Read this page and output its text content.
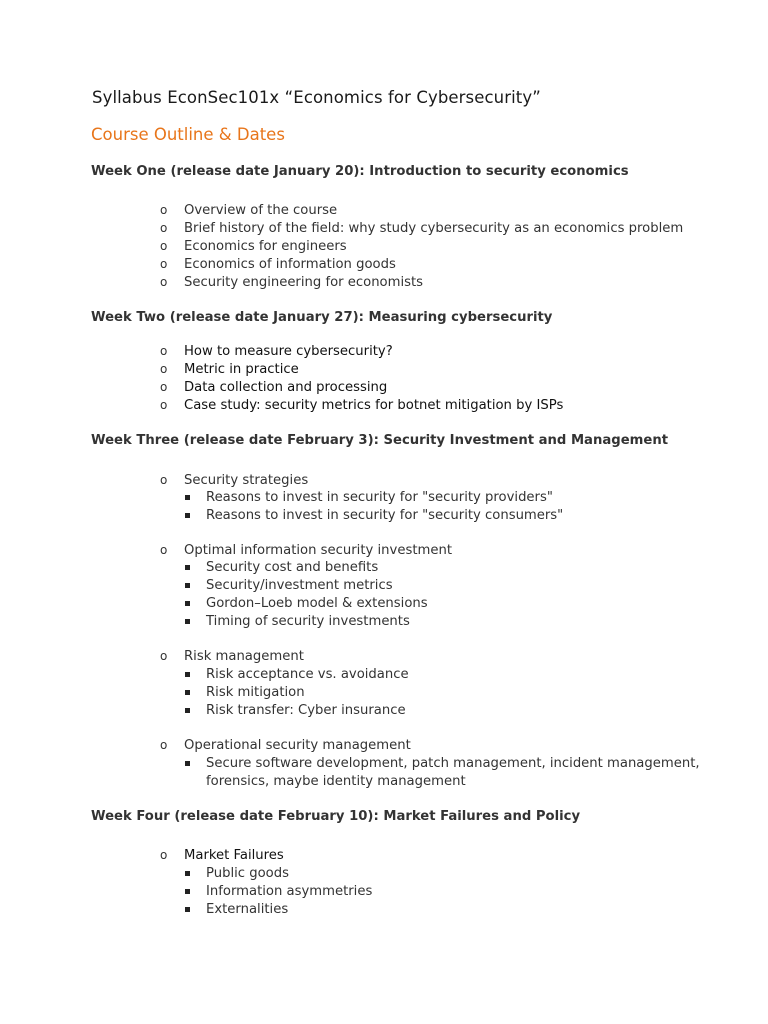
Syllabus EconSec101x “Economics for Cybersecurity”
Course Outline & Dates
Week One (release date January 20): Introduction to security economics
o Overview of the course
o Brief history of the field: why study cybersecurity as an economics problem
o Economics for engineers
o Economics of information goods
o Security engineering for economists
Week Two (release date January 27): Measuring cybersecurity
o How to measure cybersecurity?
o Metric in practice
o Data collection and processing
o Case study: security metrics for botnet mitigation by ISPs
Week Three (release date February 3): Security Investment and Management
o Security strategies
Reasons to invest in security for "security providers"
Reasons to invest in security for "security consumers"
o Optimal information security investment
Security cost and benefits
Security/investment metrics
Gordon–Loeb model & extensions
Timing of security investments
o Risk management
Risk acceptance vs. avoidance
Risk mitigation
Risk transfer: Cyber insurance
o Operational security management
Secure software development, patch management, incident management,
forensics, maybe identity management
Week Four (release date February 10): Market Failures and Policy
o Market Failures
Public goods
Information asymmetries
Externalities
